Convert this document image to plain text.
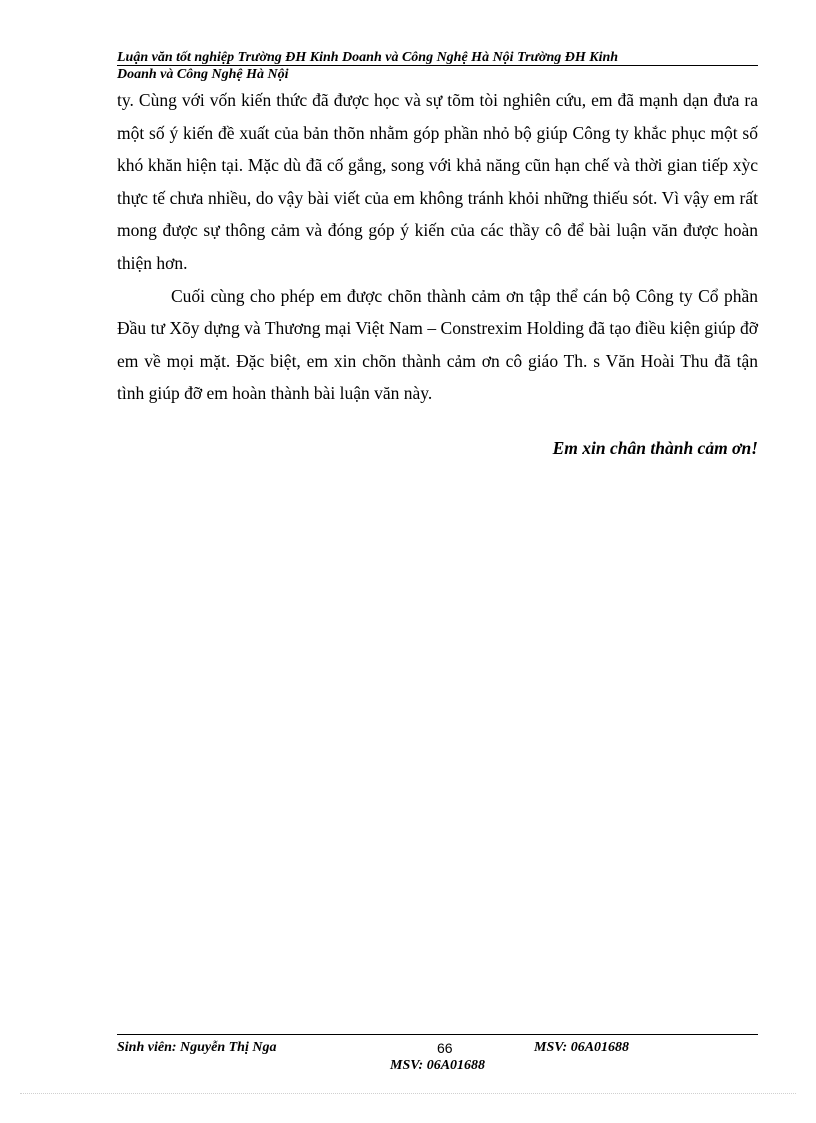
Luận văn tốt nghiệp Trường ĐH Kinh Doanh và Công Nghệ Hà Nội Trường ĐH Kinh
Doanh và Công Nghệ Hà Nội

ty. Cùng với vốn kiến thức đã được học và sự tõm tòi nghiên cứu, em đã mạnh dạn đưa ra một số ý kiến đề xuất của bản thõn nhằm góp phần nhỏ bộ giúp Công ty khắc phục một số khó khăn hiện tại. Mặc dù đã cố gắng, song với khả năng cũn hạn chế và thời gian tiếp xỳc thực tế chưa nhiều, do vậy bài viết của em không tránh khỏi những thiếu sót. Vì vậy em rất mong được sự thông cảm và đóng góp ý kiến của các thầy cô để bài luận văn được hoàn thiện hơn.

Cuối cùng cho phép em được chõn thành cảm ơn tập thể cán bộ Công ty Cổ phần Đầu tư Xõy dựng và Thương mại Việt Nam – Constrexim Holding đã tạo điều kiện giúp đỡ em về mọi mặt. Đặc biệt, em xin chõn thành cảm ơn cô giáo Th. s Văn Hoài Thu đã tận tình giúp đỡ em hoàn thành bài luận văn này.

Em xin chân thành cảm ơn!
Sinh viên: Nguyễn Thị Nga	66	MSV: 06A01688
MSV: 06A01688
